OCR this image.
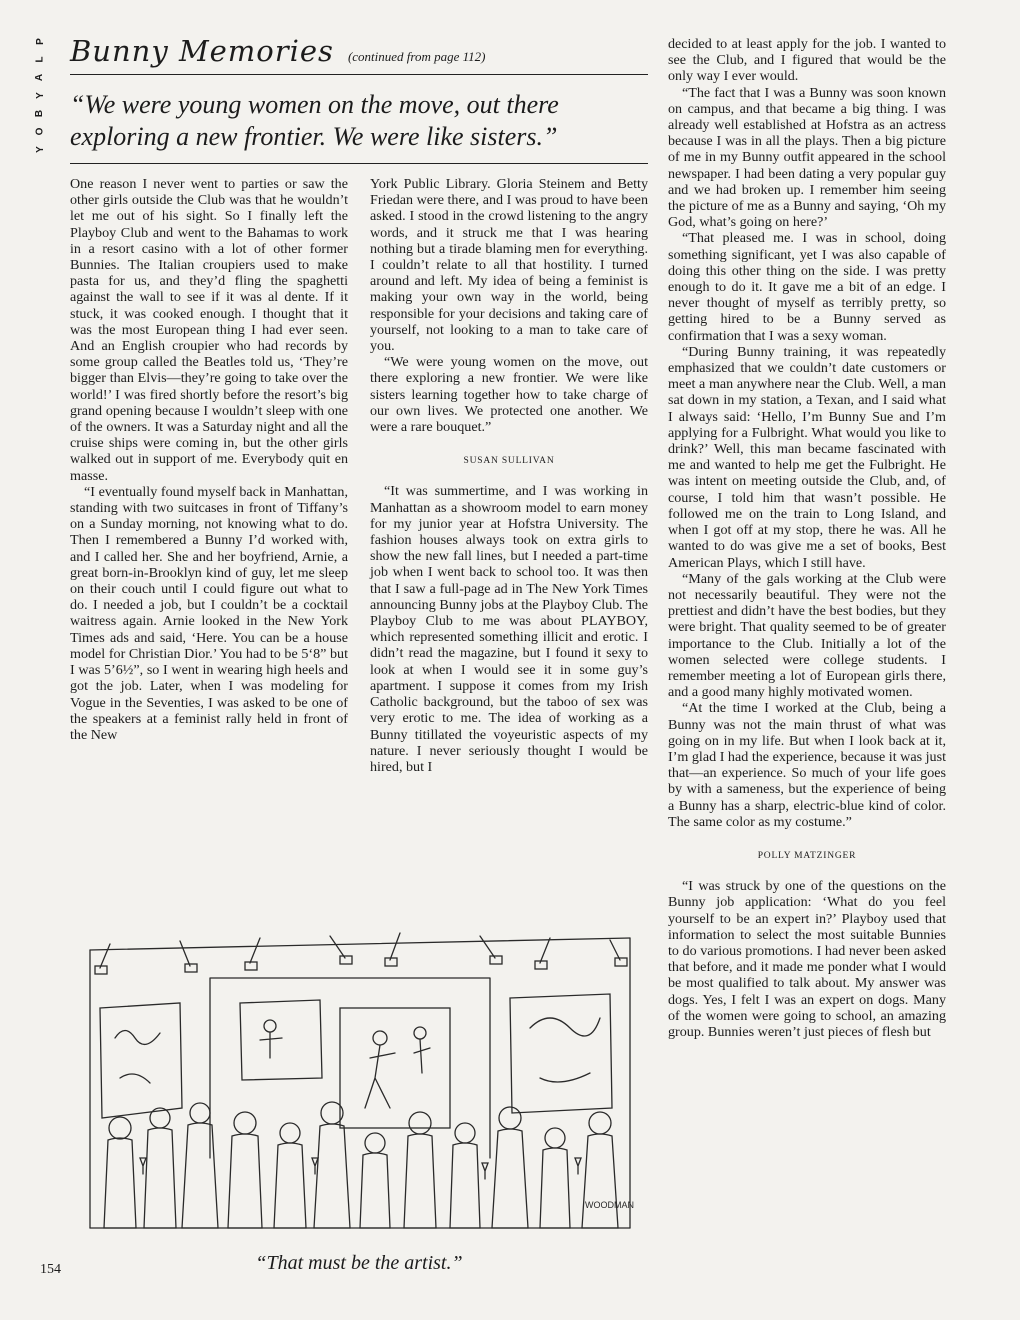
P
L
A
Y
B
O
Y
Bunny Memories (continued from page 112)
“We were young women on the move, out there exploring a new frontier. We were like sisters.”

One reason I never went to parties or saw the other girls outside the Club was that he wouldn’t let me out of his sight. So I finally left the Playboy Club and went to the Bahamas to work in a resort casino with a lot of other former Bunnies. The Italian croupiers used to make pasta for us, and they’d fling the spaghetti against the wall to see if it was al dente. If it stuck, it was cooked enough. I thought that it was the most European thing I had ever seen. And an English croupier who had records by some group called the Beatles told us, ‘They’re bigger than Elvis—they’re going to take over the world!’ I was fired shortly before the resort’s big grand opening because I wouldn’t sleep with one of the owners. It was a Saturday night and all the cruise ships were coming in, but the other girls walked out in support of me. Everybody quit en masse.

“I eventually found myself back in Manhattan, standing with two suitcases in front of Tiffany’s on a Sunday morning, not knowing what to do. Then I remembered a Bunny I’d worked with, and I called her. She and her boyfriend, Arnie, a great born-in-Brooklyn kind of guy, let me sleep on their couch until I could figure out what to do. I needed a job, but I couldn’t be a cocktail waitress again. Arnie looked in the New York Times ads and said, ‘Here. You can be a house model for Christian Dior.’ You had to be 5‘8” but I was 5’6½”, so I went in wearing high heels and got the job. Later, when I was modeling for Vogue in the Seventies, I was asked to be one of the speakers at a feminist rally held in front of the New

York Public Library. Gloria Steinem and Betty Friedan were there, and I was proud to have been asked. I stood in the crowd listening to the angry words, and it struck me that I was hearing nothing but a tirade blaming men for everything. I couldn’t relate to all that hostility. I turned around and left. My idea of being a feminist is making your own way in the world, being responsible for your decisions and taking care of yourself, not looking to a man to take care of you.

“We were young women on the move, out there exploring a new frontier. We were like sisters learning together how to take charge of our own lives. We protected one another. We were a rare bouquet.”

SUSAN SULLIVAN

“It was summertime, and I was working in Manhattan as a showroom model to earn money for my junior year at Hofstra University. The fashion houses always took on extra girls to show the new fall lines, but I needed a part-time job when I went back to school too. It was then that I saw a full-page ad in The New York Times announcing Bunny jobs at the Playboy Club. The Playboy Club to me was about PLAYBOY, which represented something illicit and erotic. I didn’t read the magazine, but I found it sexy to look at when I would see it in some guy’s apartment. I suppose it comes from my Irish Catholic background, but the taboo of sex was very erotic to me. The idea of working as a Bunny titillated the voyeuristic aspects of my nature. I never seriously thought I would be hired, but I

decided to at least apply for the job. I wanted to see the Club, and I figured that would be the only way I ever would.

“The fact that I was a Bunny was soon known on campus, and that became a big thing. I was already well established at Hofstra as an actress because I was in all the plays. Then a big picture of me in my Bunny outfit appeared in the school newspaper. I had been dating a very popular guy and we had broken up. I remember him seeing the picture of me as a Bunny and saying, ‘Oh my God, what’s going on here?’

“That pleased me. I was in school, doing something significant, yet I was also capable of doing this other thing on the side. I was pretty enough to do it. It gave me a bit of an edge. I never thought of myself as terribly pretty, so getting hired to be a Bunny served as confirmation that I was a sexy woman.

“During Bunny training, it was repeatedly emphasized that we couldn’t date customers or meet a man anywhere near the Club. Well, a man sat down in my station, a Texan, and I said what I always said: ‘Hello, I’m Bunny Sue and I’m applying for a Fulbright. What would you like to drink?’ Well, this man became fascinated with me and wanted to help me get the Fulbright. He was intent on meeting outside the Club, and, of course, I told him that wasn’t possible. He followed me on the train to Long Island, and when I got off at my stop, there he was. All he wanted to do was give me a set of books, Best American Plays, which I still have.

“Many of the gals working at the Club were not necessarily beautiful. They were not the prettiest and didn’t have the best bodies, but they were bright. That quality seemed to be of greater importance to the Club. Initially a lot of the women selected were college students. I remember meeting a lot of European girls there, and a good many highly motivated women.

“At the time I worked at the Club, being a Bunny was not the main thrust of what was going on in my life. But when I look back at it, I’m glad I had the experience, because it was just that—an experience. So much of your life goes by with a sameness, but the experience of being a Bunny has a sharp, electric-blue kind of color. The same color as my costume.”

POLLY MATZINGER

“I was struck by one of the questions on the Bunny job application: ‘What do you feel yourself to be an expert in?’ Playboy used that information to select the most suitable Bunnies to do various promotions. I had never been asked that before, and it made me ponder what I would be most qualified to talk about. My answer was dogs. Yes, I felt I was an expert on dogs. Many of the women were going to school, an amazing group. Bunnies weren’t just pieces of flesh but

WOODMAN
“That must be the artist.”
154
